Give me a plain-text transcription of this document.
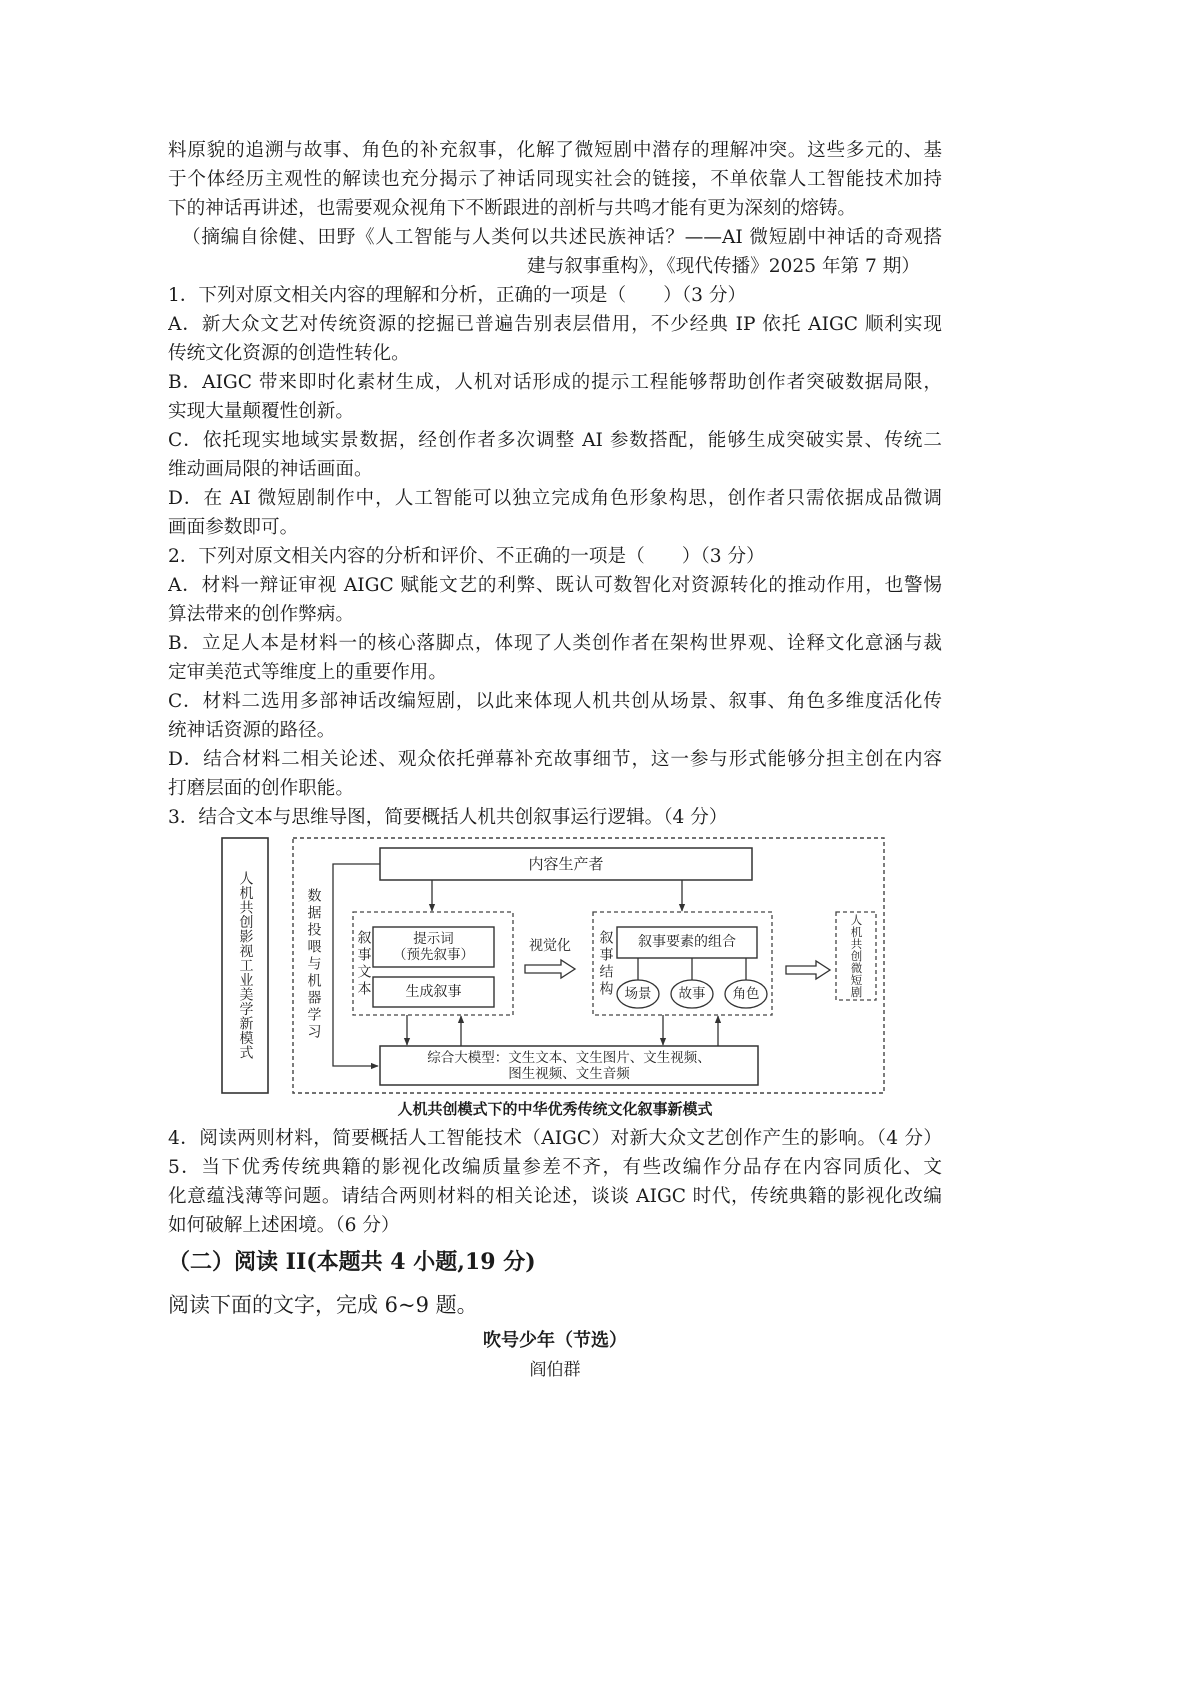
料原貌的追溯与故事、角色的补充叙事，化解了微短剧中潜存的理解冲突。这些多元的、基
于个体经历主观性的解读也充分揭示了神话同现实社会的链接，不单依靠人工智能技术加持
下的神话再讲述，也需要观众视角下不断跟进的剖析与共鸣才能有更为深刻的熔铸。
（摘编自徐健、田野《人工智能与人类何以共述民族神话？——AI 微短剧中神话的奇观搭
建与叙事重构》，《现代传播》2025 年第 7 期）
1．下列对原文相关内容的理解和分析，正确的一项是（　　）（3 分）
A．新大众文艺对传统资源的挖掘已普遍告别表层借用，不少经典 IP 依托 AIGC 顺利实现
传统文化资源的创造性转化。
B．AIGC 带来即时化素材生成，人机对话形成的提示工程能够帮助创作者突破数据局限，
实现大量颠覆性创新。
C．依托现实地域实景数据，经创作者多次调整 AI 参数搭配，能够生成突破实景、传统二
维动画局限的神话画面。
D．在 AI 微短剧制作中，人工智能可以独立完成角色形象构思，创作者只需依据成品微调
画面参数即可。
2．下列对原文相关内容的分析和评价、不正确的一项是（　　）（3 分）
A．材料一辩证审视 AIGC 赋能文艺的利弊、既认可数智化对资源转化的推动作用，也警惕
算法带来的创作弊病。
B．立足人本是材料一的核心落脚点，体现了人类创作者在架构世界观、诠释文化意涵与裁
定审美范式等维度上的重要作用。
C．材料二选用多部神话改编短剧，以此来体现人机共创从场景、叙事、角色多维度活化传
统神话资源的路径。
D．结合材料二相关论述、观众依托弹幕补充故事细节，这一参与形式能够分担主创在内容
打磨层面的创作职能。
3．结合文本与思维导图，简要概括人机共创叙事运行逻辑。（4 分）
人机共创影视工业美学新模式
内容生产者
数据投喂与机器学习 叙事文本	提示词
（预先叙事）
生成叙事
视觉化	叙事结构	叙事要素的组合
场景	故事	角色	人机共创微短剧
综合大模型：文生文本、文生图片、文生视频、
图生视频、文生音频
人机共创模式下的中华优秀传统文化叙事新模式
4．阅读两则材料，简要概括人工智能技术（AIGC）对新大众文艺创作产生的影响。（4 分）
5．当下优秀传统典籍的影视化改编质量参差不齐，有些改编作分品存在内容同质化、文
化意蕴浅薄等问题。请结合两则材料的相关论述，谈谈 AIGC 时代，传统典籍的影视化改编
如何破解上述困境。（6 分）
（二）阅读 II(本题共 4 小题,19 分)
阅读下面的文字，完成 6~9 题。
吹号少年（节选）
阎伯群
